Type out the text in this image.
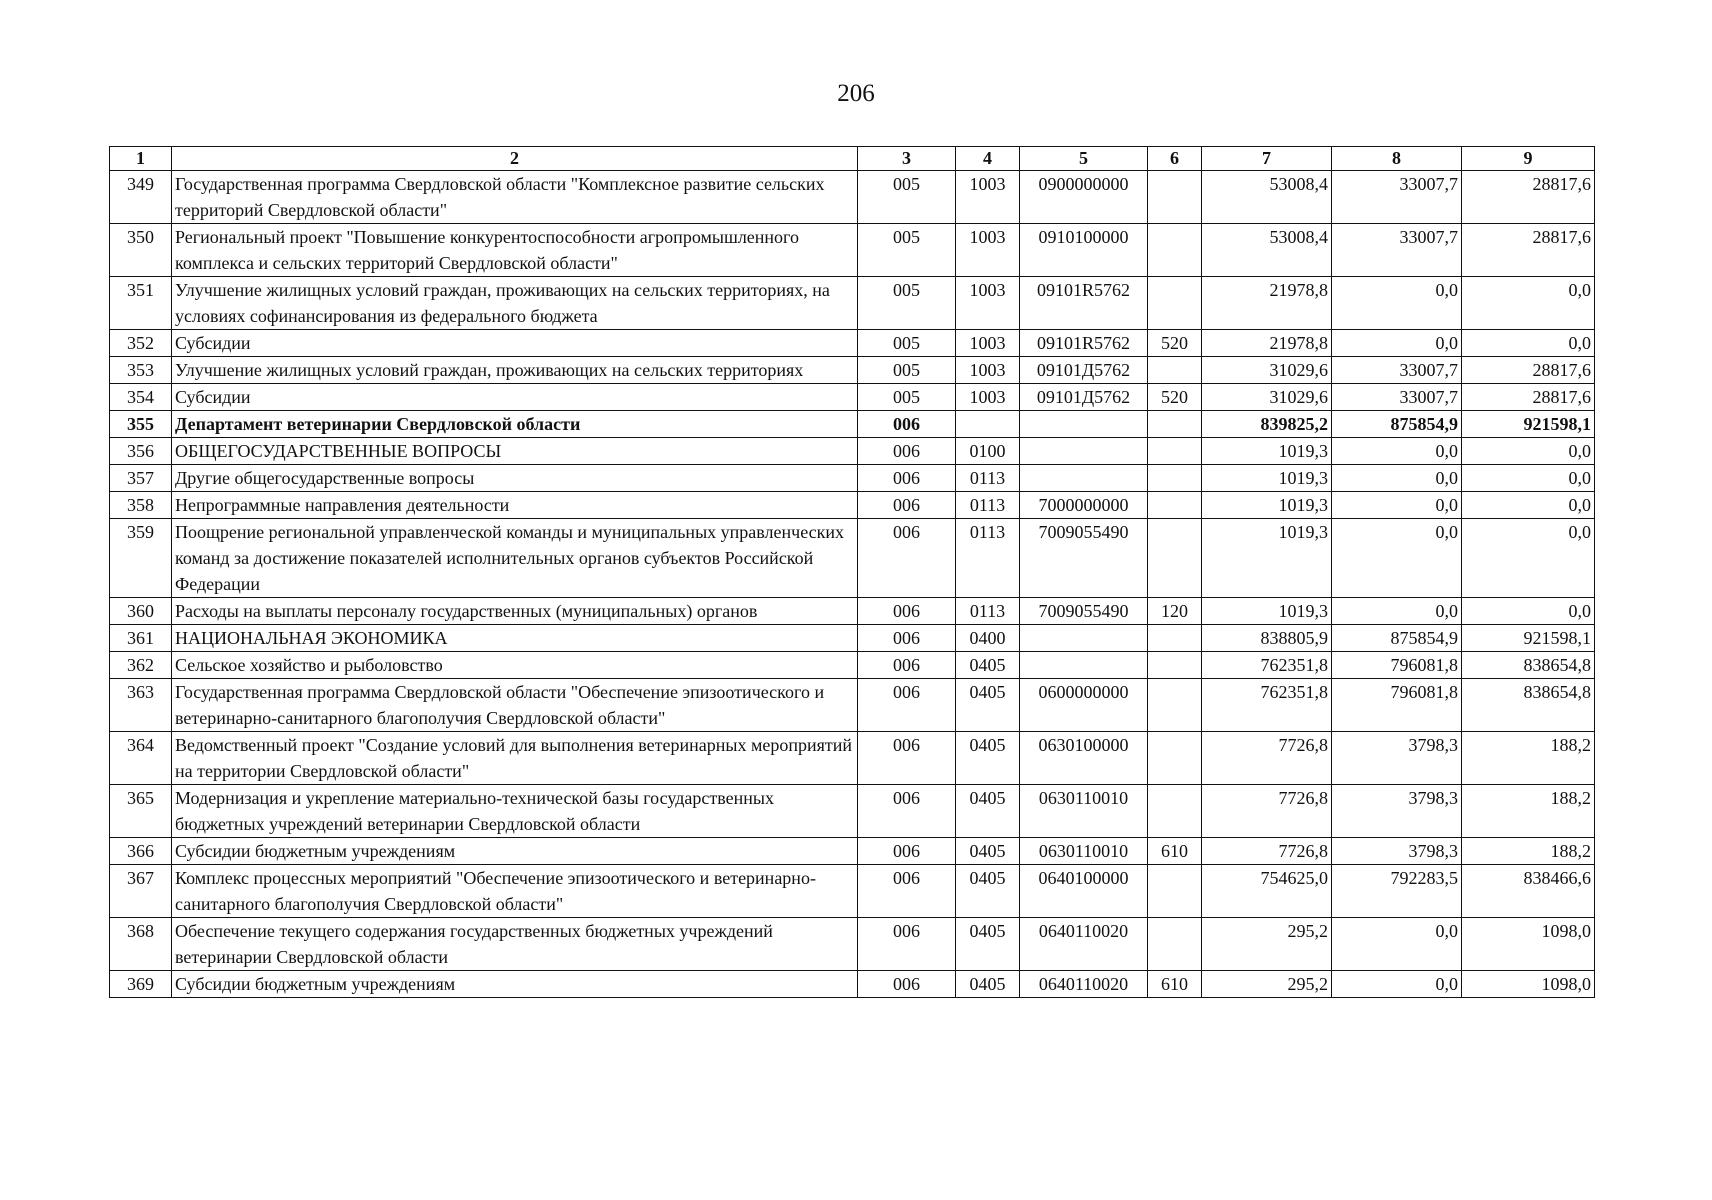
206
1	2	3	4	5	6	7	8	9
349	Государственная программа Свердловской области "Комплексное развитие сельских территорий Свердловской области"	005	1003	0900000000		53008,4	33007,7	28817,6
350	Региональный проект "Повышение конкурентоспособности агропромышленного комплекса и сельских территорий Свердловской области"	005	1003	0910100000		53008,4	33007,7	28817,6
351	Улучшение жилищных условий граждан, проживающих на сельских территориях, на условиях софинансирования из федерального бюджета	005	1003	09101R5762		21978,8	0,0	0,0
352	Субсидии	005	1003	09101R5762	520	21978,8	0,0	0,0
353	Улучшение жилищных условий граждан, проживающих на сельских территориях	005	1003	09101Д5762		31029,6	33007,7	28817,6
354	Субсидии	005	1003	09101Д5762	520	31029,6	33007,7	28817,6
355	Департамент ветеринарии Свердловской области	006				839825,2	875854,9	921598,1
356	ОБЩЕГОСУДАРСТВЕННЫЕ ВОПРОСЫ	006	0100			1019,3	0,0	0,0
357	Другие общегосударственные вопросы	006	0113			1019,3	0,0	0,0
358	Непрограммные направления деятельности	006	0113	7000000000		1019,3	0,0	0,0
359	Поощрение региональной управленческой команды и муниципальных управленческих команд за достижение показателей исполнительных органов субъектов Российской Федерации	006	0113	7009055490		1019,3	0,0	0,0
360	Расходы на выплаты персоналу государственных (муниципальных) органов	006	0113	7009055490	120	1019,3	0,0	0,0
361	НАЦИОНАЛЬНАЯ ЭКОНОМИКА	006	0400			838805,9	875854,9	921598,1
362	Сельское хозяйство и рыболовство	006	0405			762351,8	796081,8	838654,8
363	Государственная программа Свердловской области "Обеспечение эпизоотического и ветеринарно-санитарного благополучия Свердловской области"	006	0405	0600000000		762351,8	796081,8	838654,8
364	Ведомственный проект "Создание условий для выполнения ветеринарных мероприятий на территории Свердловской области"	006	0405	0630100000		7726,8	3798,3	188,2
365	Модернизация и укрепление материально-технической базы государственных бюджетных учреждений ветеринарии Свердловской области	006	0405	0630110010		7726,8	3798,3	188,2
366	Субсидии бюджетным учреждениям	006	0405	0630110010	610	7726,8	3798,3	188,2
367	Комплекс процессных мероприятий "Обеспечение эпизоотического и ветеринарно-санитарного благополучия Свердловской области"	006	0405	0640100000		754625,0	792283,5	838466,6
368	Обеспечение текущего содержания государственных бюджетных учреждений ветеринарии Свердловской области	006	0405	0640110020		295,2	0,0	1098,0
369	Субсидии бюджетным учреждениям	006	0405	0640110020	610	295,2	0,0	1098,0
